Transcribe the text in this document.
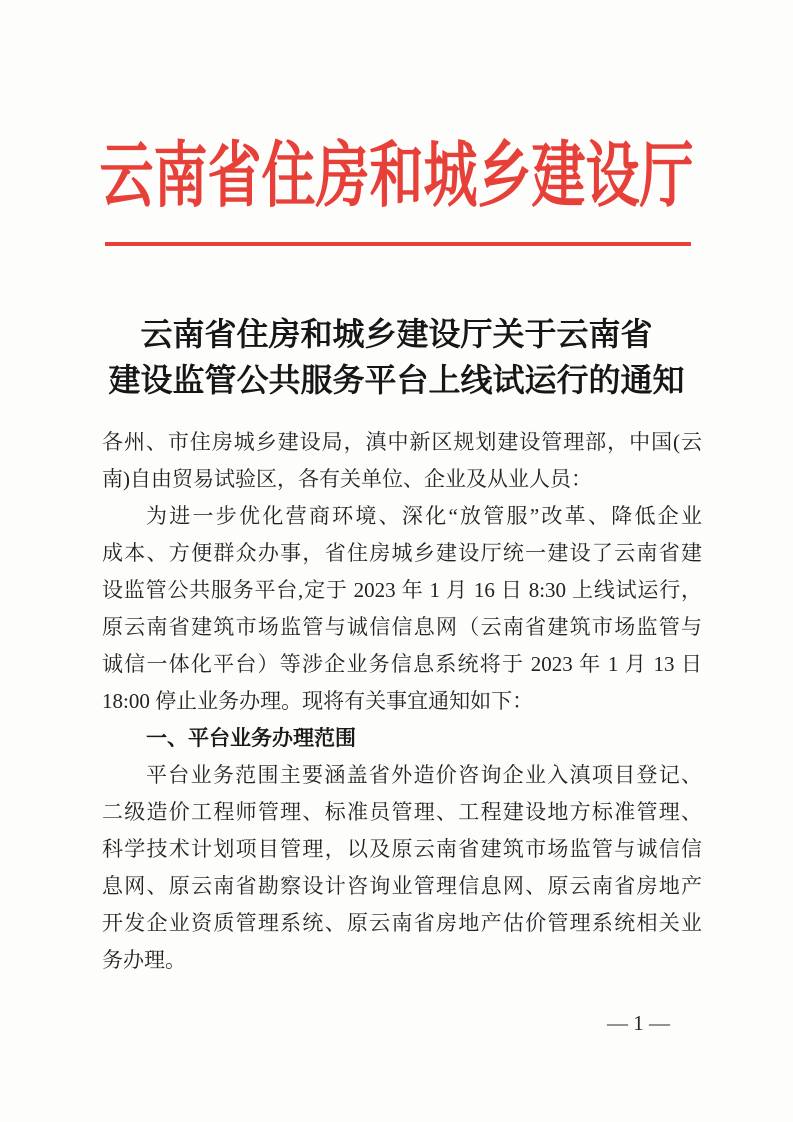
云南省住房和城乡建设厅
云南省住房和城乡建设厅关于云南省
建设监管公共服务平台上线试运行的通知
各州、市住房城乡建设局，滇中新区规划建设管理部，中国(云
南)自由贸易试验区，各有关单位、企业及从业人员：
为进一步优化营商环境、深化“放管服”改革、降低企业
成本、方便群众办事，省住房城乡建设厅统一建设了云南省建
设监管公共服务平台,定于 2023 年 1 月 16 日 8:30 上线试运行，
原云南省建筑市场监管与诚信信息网（云南省建筑市场监管与
诚信一体化平台）等涉企业务信息系统将于 2023 年 1 月 13 日
18:00 停止业务办理。现将有关事宜通知如下：
一、平台业务办理范围
平台业务范围主要涵盖省外造价咨询企业入滇项目登记、
二级造价工程师管理、标准员管理、工程建设地方标准管理、
科学技术计划项目管理，以及原云南省建筑市场监管与诚信信
息网、原云南省勘察设计咨询业管理信息网、原云南省房地产
开发企业资质管理系统、原云南省房地产估价管理系统相关业
务办理。
— 1 —
